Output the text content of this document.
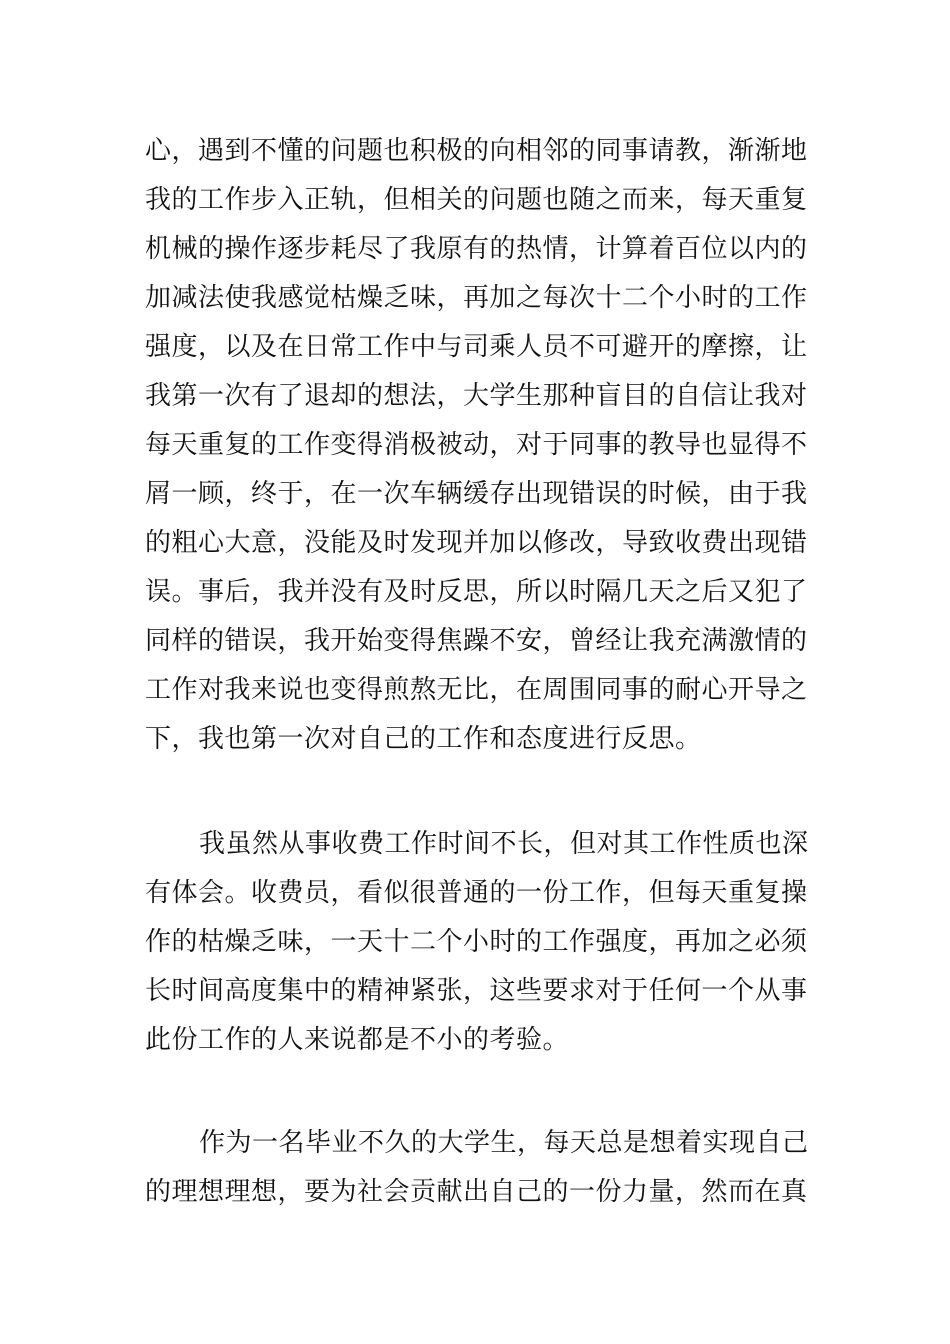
心，遇到不懂的问题也积极的向相邻的同事请教，渐渐地
我的工作步入正轨，但相关的问题也随之而来，每天重复
机械的操作逐步耗尽了我原有的热情，计算着百位以内的
加减法使我感觉枯燥乏味，再加之每次十二个小时的工作
强度，以及在日常工作中与司乘人员不可避开的摩擦，让
我第一次有了退却的想法，大学生那种盲目的自信让我对
每天重复的工作变得消极被动，对于同事的教导也显得不
屑一顾，终于，在一次车辆缓存出现错误的时候，由于我
的粗心大意，没能及时发现并加以修改，导致收费出现错
误。事后，我并没有及时反思，所以时隔几天之后又犯了
同样的错误，我开始变得焦躁不安，曾经让我充满激情的
工作对我来说也变得煎熬无比，在周围同事的耐心开导之
下，我也第一次对自己的工作和态度进行反思。
我虽然从事收费工作时间不长，但对其工作性质也深
有体会。收费员，看似很普通的一份工作，但每天重复操
作的枯燥乏味，一天十二个小时的工作强度，再加之必须
长时间高度集中的精神紧张，这些要求对于任何一个从事
此份工作的人来说都是不小的考验。
作为一名毕业不久的大学生，每天总是想着实现自己
的理想理想，要为社会贡献出自己的一份力量，然而在真
